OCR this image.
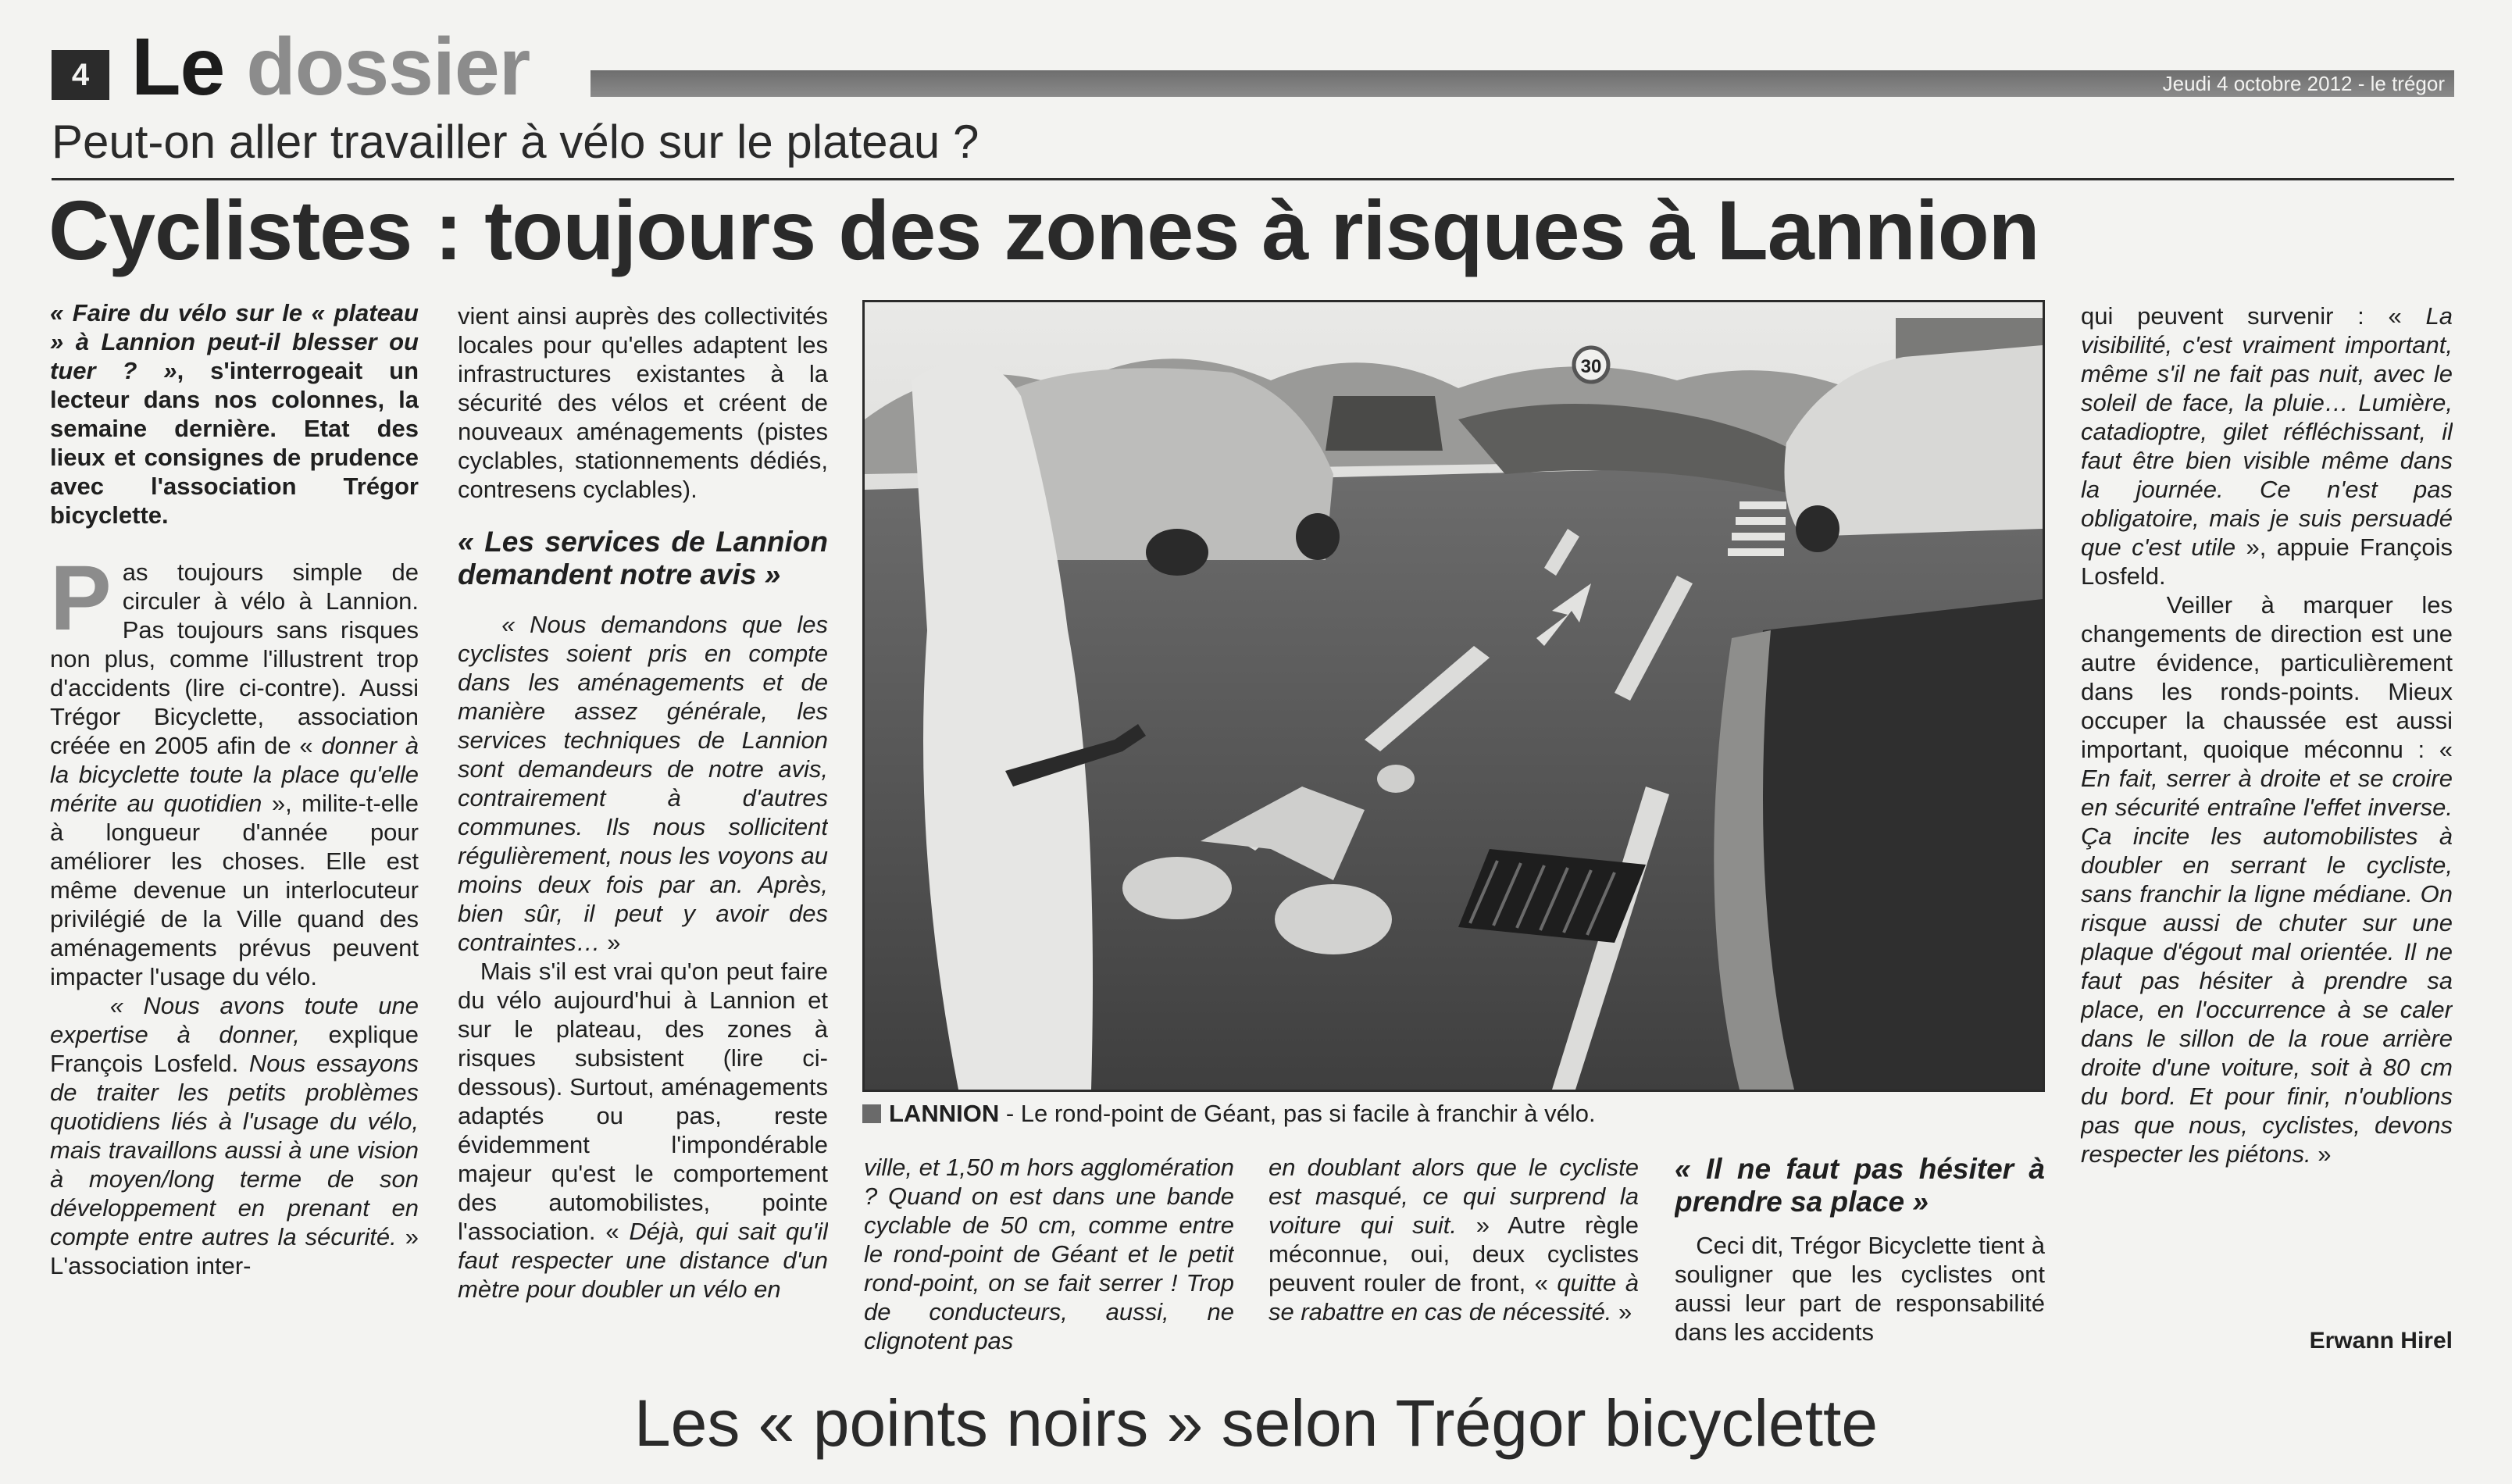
4 Le dossier	Jeudi 4 octobre 2012 - le trégor
Peut-on aller travailler à vélo sur le plateau ?
Cyclistes : toujours des zones à risques à Lannion

« Faire du vélo sur le « plateau » à Lannion peut-il blesser ou tuer ? », s'interrogeait un lecteur dans nos colonnes, la semaine dernière. Etat des lieux et consignes de prudence avec l'association Trégor bicyclette.

Pas toujours simple de circuler à vélo à Lannion. Pas toujours sans risques non plus, comme l'illustrent trop d'accidents (lire ci-contre). Aussi Trégor Bicyclette, association créée en 2005 afin de « donner à la bicyclette toute la place qu'elle mérite au quotidien », milite-t-elle à longueur d'année pour améliorer les choses. Elle est même devenue un interlocuteur privilégié de la Ville quand des aménagements prévus peuvent impacter l'usage du vélo.

« Nous avons toute une expertise à donner, explique François Losfeld. Nous essayons de traiter les petits problèmes quotidiens liés à l'usage du vélo, mais travaillons aussi à une vision à moyen/long terme de son développement en prenant en compte entre autres la sécurité. » L'association inter-

vient ainsi auprès des collectivités locales pour qu'elles adaptent les infrastructures existantes à la sécurité des vélos et créent de nouveaux aménagements (pistes cyclables, stationnements dédiés, contresens cyclables).

« Les services de Lannion demandent notre avis »

« Nous demandons que les cyclistes soient pris en compte dans les aménagements et de manière assez générale, les services techniques de Lannion sont demandeurs de notre avis, contrairement à d'autres communes. Ils nous sollicitent régulièrement, nous les voyons au moins deux fois par an. Après, bien sûr, il peut y avoir des contraintes… »

Mais s'il est vrai qu'on peut faire du vélo aujourd'hui à Lannion et sur le plateau, des zones à risques subsistent (lire ci-dessous). Surtout, aménagements adaptés ou pas, reste évidemment l'impondérable majeur qu'est le comportement des automobilistes, pointe l'association. « Déjà, qui sait qu'il faut respecter une distance d'un mètre pour doubler un vélo en

30
LANNION - Le rond-point de Géant, pas si facile à franchir à vélo.

ville, et 1,50 m hors agglomération ? Quand on est dans une bande cyclable de 50 cm, comme entre le rond-point de Géant et le petit rond-point, on se fait serrer ! Trop de conducteurs, aussi, ne clignotent pas

en doublant alors que le cycliste est masqué, ce qui surprend la voiture qui suit. » Autre règle méconnue, oui, deux cyclistes peuvent rouler de front, « quitte à se rabattre en cas de nécessité. »

« Il ne faut pas hésiter à prendre sa place »

Ceci dit, Trégor Bicyclette tient à souligner que les cyclistes ont aussi leur part de responsabilité dans les accidents

qui peuvent survenir : « La visibilité, c'est vraiment important, même s'il ne fait pas nuit, avec le soleil de face, la pluie… Lumière, catadioptre, gilet réfléchissant, il faut être bien visible même dans la journée. Ce n'est pas obligatoire, mais je suis persuadé que c'est utile », appuie François Losfeld.

Veiller à marquer les changements de direction est une autre évidence, particulièrement dans les ronds-points. Mieux occuper la chaussée est aussi important, quoique méconnu : « En fait, serrer à droite et se croire en sécurité entraîne l'effet inverse. Ça incite les automobilistes à doubler en serrant le cycliste, sans franchir la ligne médiane. On risque aussi de chuter sur une plaque d'égout mal orientée. Il ne faut pas hésiter à prendre sa place, en l'occurrence à se caler dans le sillon de la roue arrière droite d'une voiture, soit à 80 cm du bord. Et pour finir, n'oublions pas que nous, cyclistes, devons respecter les piétons. »

Erwann Hirel
Les « points noirs » selon Trégor bicyclette
